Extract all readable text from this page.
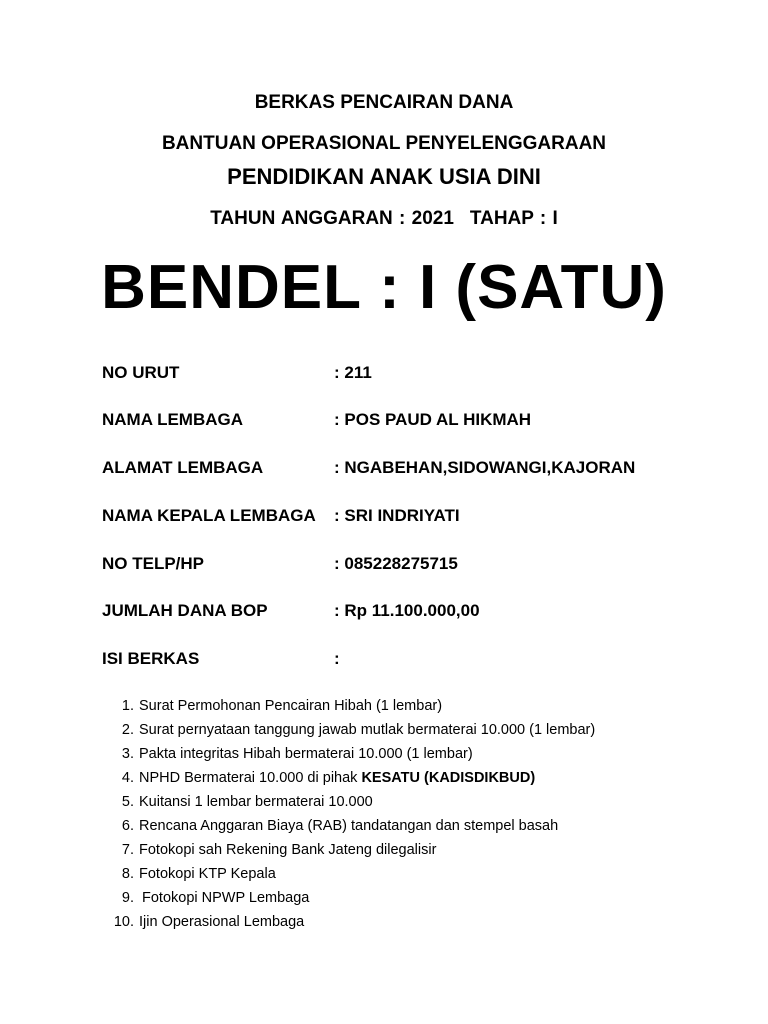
BERKAS PENCAIRAN DANA
BANTUAN OPERASIONAL PENYELENGGARAAN
PENDIDIKAN ANAK USIA DINI
TAHUN ANGGARAN : 2021 TAHAP : I
BENDEL : I (SATU)
NO URUT	: 211
NAMA LEMBAGA	: POS PAUD AL HIKMAH
ALAMAT LEMBAGA	: NGABEHAN,SIDOWANGI,KAJORAN
NAMA KEPALA LEMBAGA : SRI INDRIYATI
NO TELP/HP	: 085228275715
JUMLAH DANA BOP	: Rp 11.100.000,00
ISI BERKAS	:
1. Surat Permohonan Pencairan Hibah (1 lembar)
2. Surat pernyataan tanggung jawab mutlak bermaterai 10.000 (1 lembar)
3. Pakta integritas Hibah bermaterai 10.000 (1 lembar)
4. NPHD Bermaterai 10.000 di pihak KESATU (KADISDIKBUD)
5. Kuitansi 1 lembar bermaterai 10.000
6. Rencana Anggaran Biaya (RAB) tandatangan dan stempel basah
7. Fotokopi sah Rekening Bank Jateng dilegalisir
8. Fotokopi KTP Kepala
9. Fotokopi NPWP Lembaga
10. Ijin Operasional Lembaga
